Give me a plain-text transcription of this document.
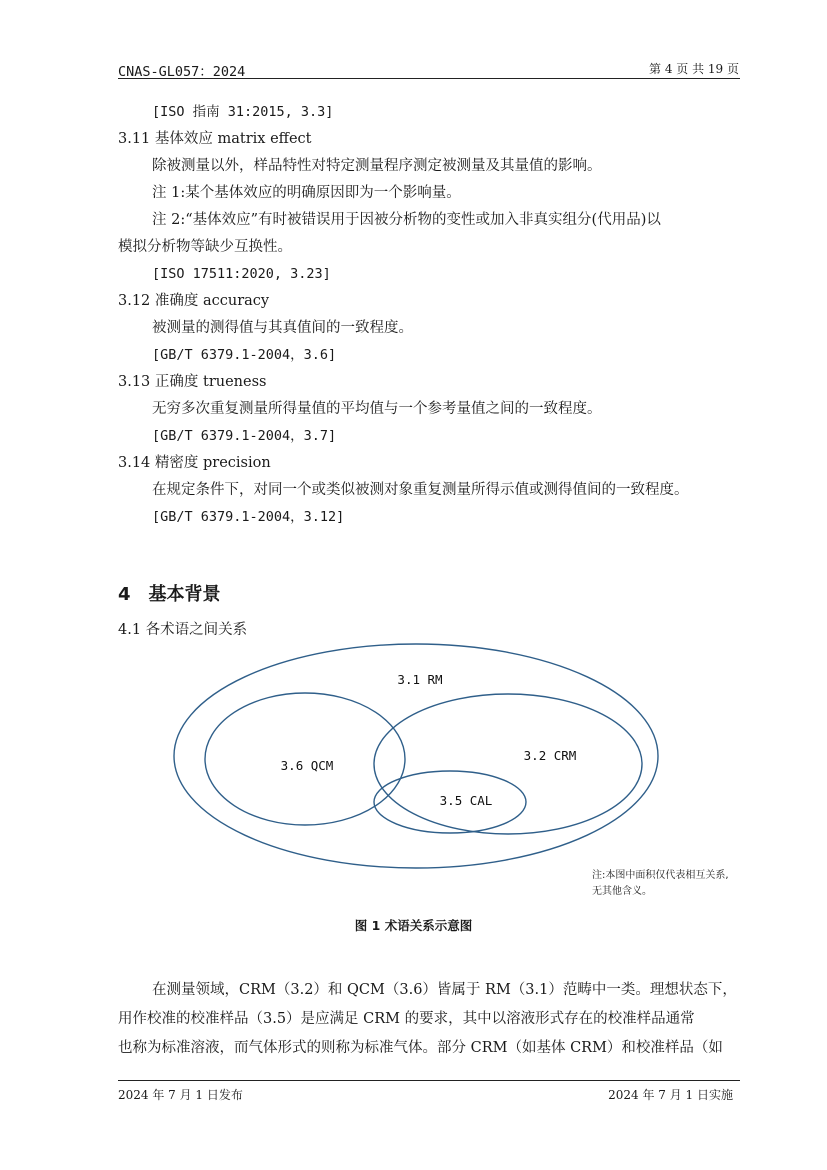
CNAS-GL057：2024	第 4 页 共 19 页
[ISO 指南 31:2015, 3.3]
3.11 基体效应 matrix effect
除被测量以外，样品特性对特定测量程序测定被测量及其量值的影响。
注 1:某个基体效应的明确原因即为一个影响量。
注 2:“基体效应”有时被错误用于因被分析物的变性或加入非真实组分(代用品)以
模拟分析物等缺少互换性。
[ISO 17511:2020, 3.23]
3.12 准确度 accuracy
被测量的测得值与其真值间的一致程度。
[GB/T 6379.1-2004，3.6]
3.13 正确度 trueness
无穷多次重复测量所得量值的平均值与一个参考量值之间的一致程度。
[GB/T 6379.1-2004，3.7]
3.14 精密度 precision
在规定条件下，对同一个或类似被测对象重复测量所得示值或测得值间的一致程度。
[GB/T 6379.1-2004，3.12]
4 基本背景
4.1 各术语之间关系
3.1 RM
3.6 QCM
3.2 CRM
3.5 CAL
注:本图中面积仅代表相互关系,
无其他含义。
图 1 术语关系示意图

在测量领域，CRM（3.2）和 QCM（3.6）皆属于 RM（3.1）范畴中一类。理想状态下，

用作校准的校准样品（3.5）是应满足 CRM 的要求，其中以溶液形式存在的校准样品通常

也称为标准溶液，而气体形式的则称为标准气体。部分 CRM（如基体 CRM）和校准样品（如

2024 年 7 月 1 日发布	2024 年 7 月 1 日实施
